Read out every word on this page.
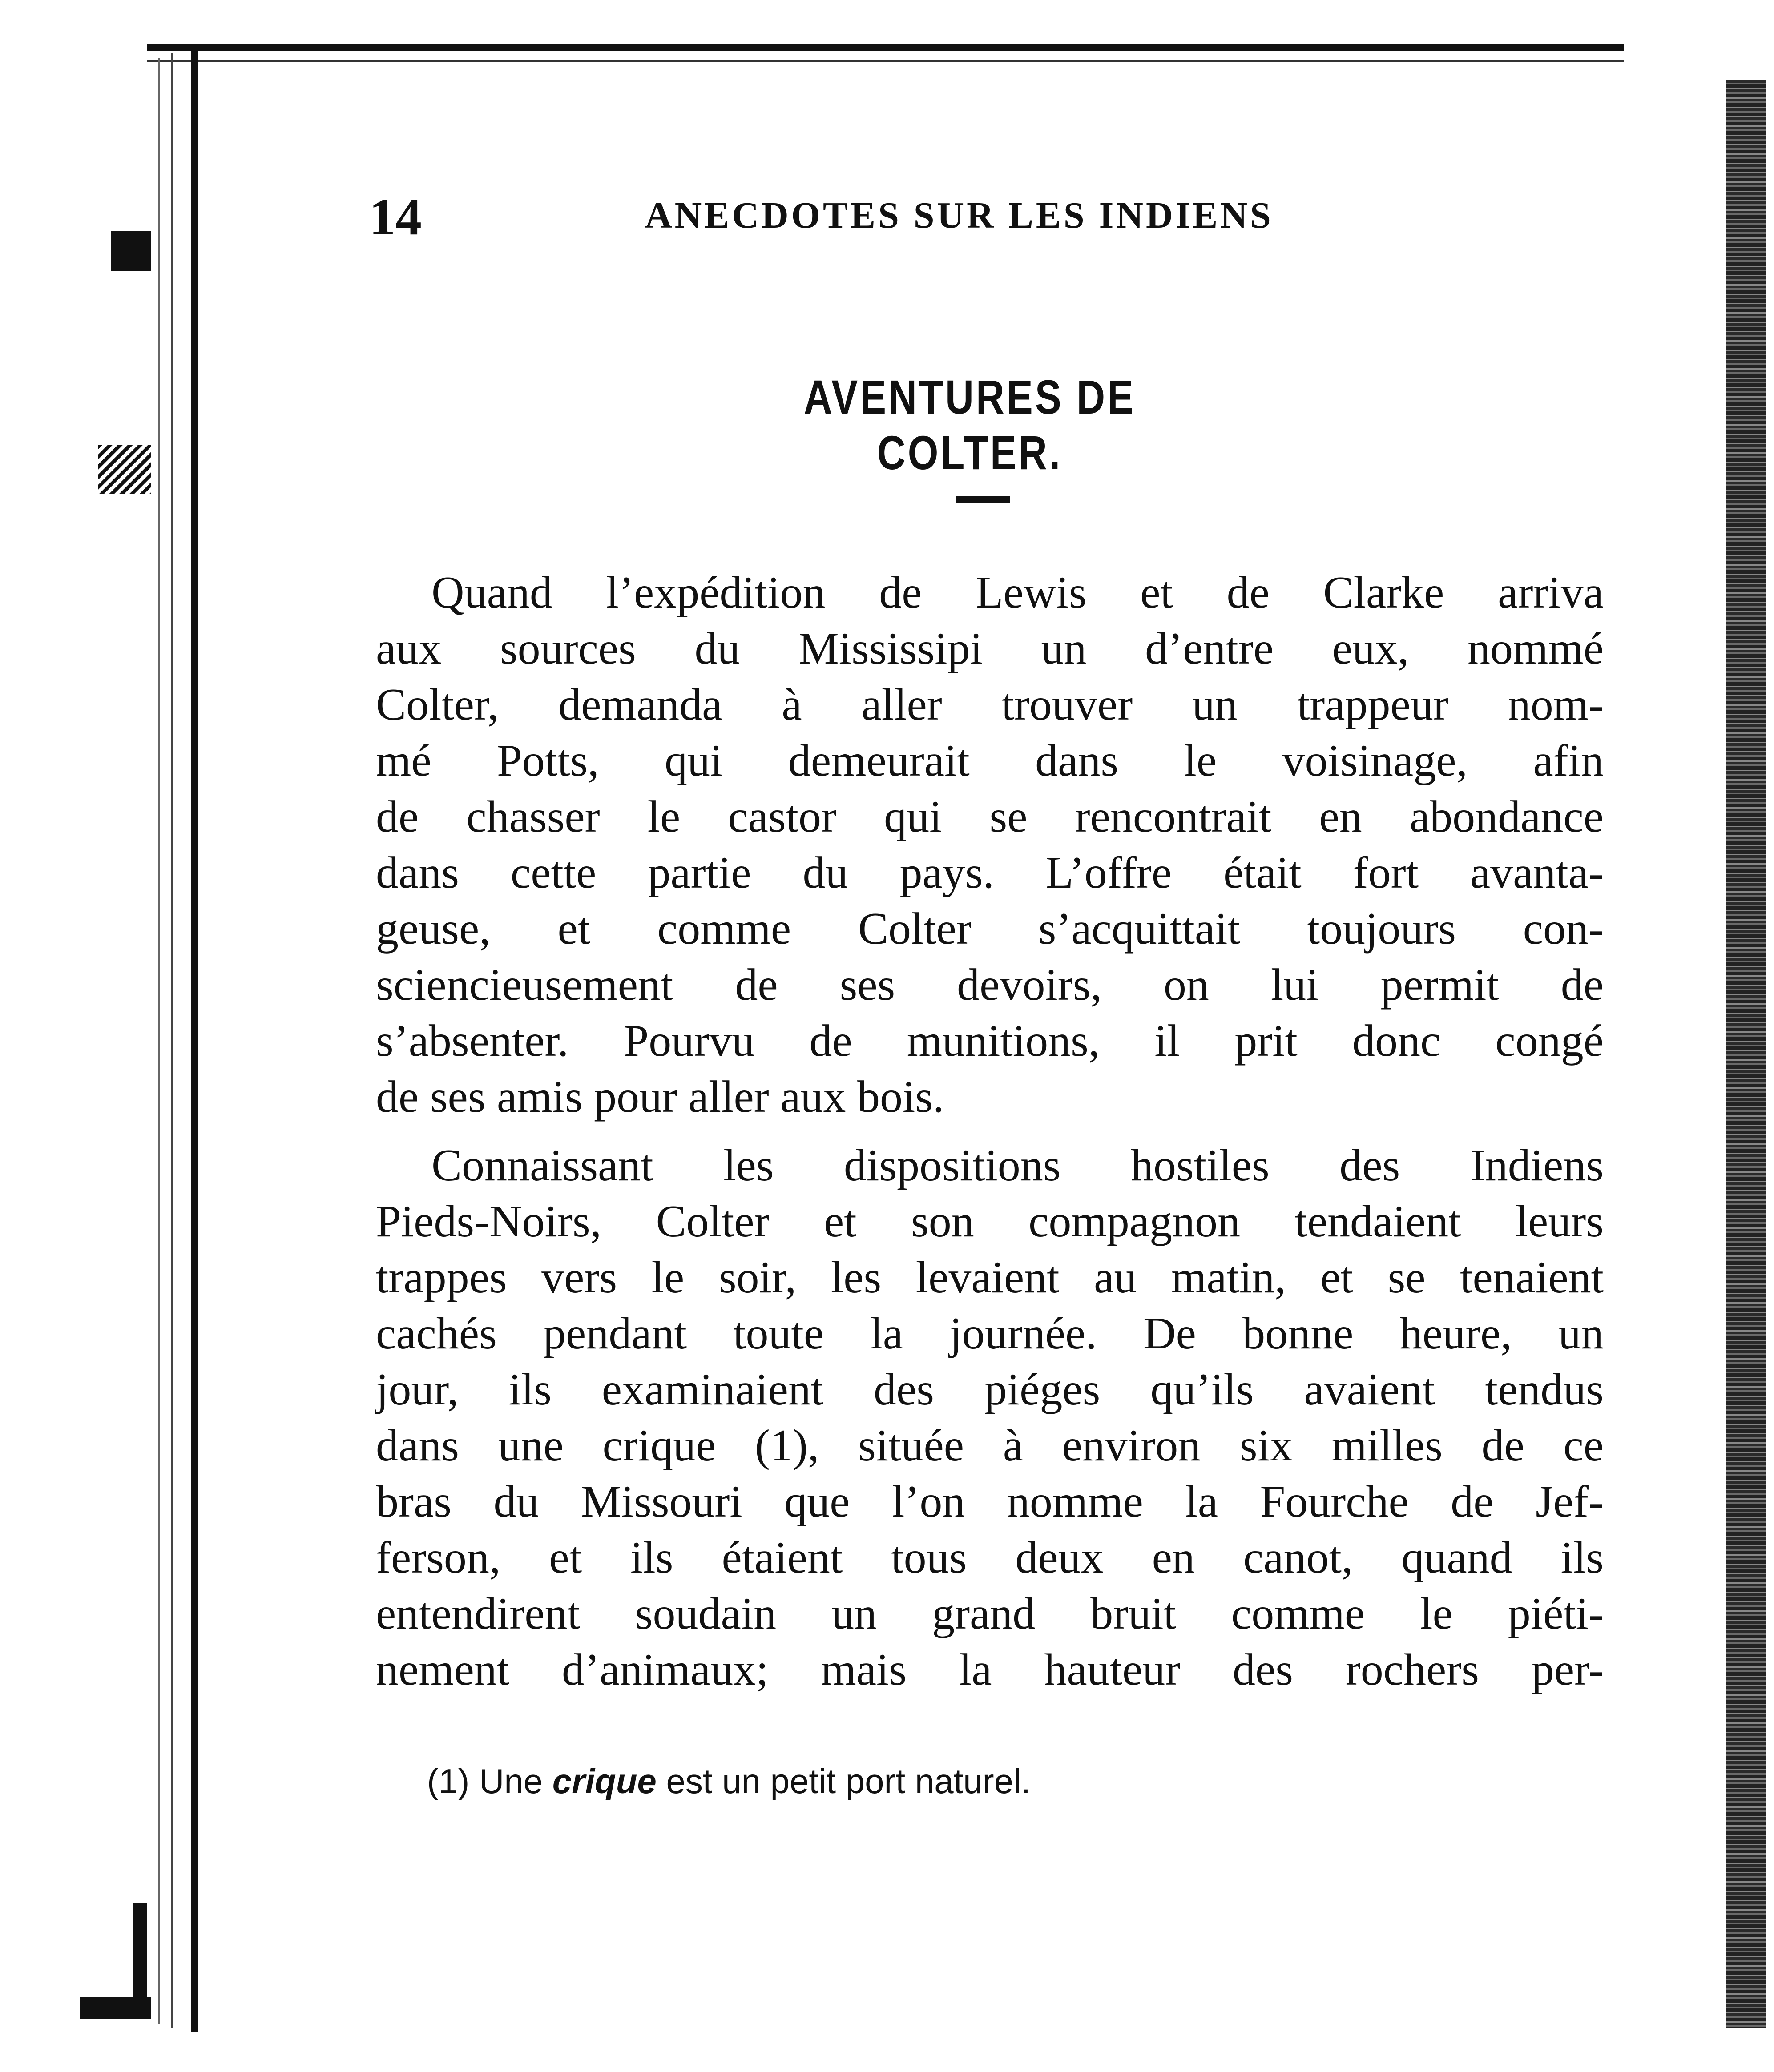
14	ANECDOTES SUR LES INDIENS
AVENTURES DE COLTER.
Quand l’expédition de Lewis et de Clarke arriva
aux sources du Mississipi un d’entre eux, nommé
Colter, demanda à aller trouver un trappeur nom-
mé Potts, qui demeurait dans le voisinage, afin
de chasser le castor qui se rencontrait en abondance
dans cette partie du pays. L’offre était fort avanta-
geuse, et comme Colter s’acquittait toujours con-
sciencieusement de ses devoirs, on lui permit de
s’absenter. Pourvu de munitions, il prit donc congé
de ses amis pour aller aux bois.
Connaissant les dispositions hostiles des Indiens
Pieds-Noirs, Colter et son compagnon tendaient leurs
trappes vers le soir, les levaient au matin, et se tenaient
cachés pendant toute la journée. De bonne heure, un
jour, ils examinaient des piéges qu’ils avaient tendus
dans une crique (1), située à environ six milles de ce
bras du Missouri que l’on nomme la Fourche de Jef-
ferson, et ils étaient tous deux en canot, quand ils
entendirent soudain un grand bruit comme le piéti-
nement d’animaux; mais la hauteur des rochers per-
(1) Une crique est un petit port naturel.
